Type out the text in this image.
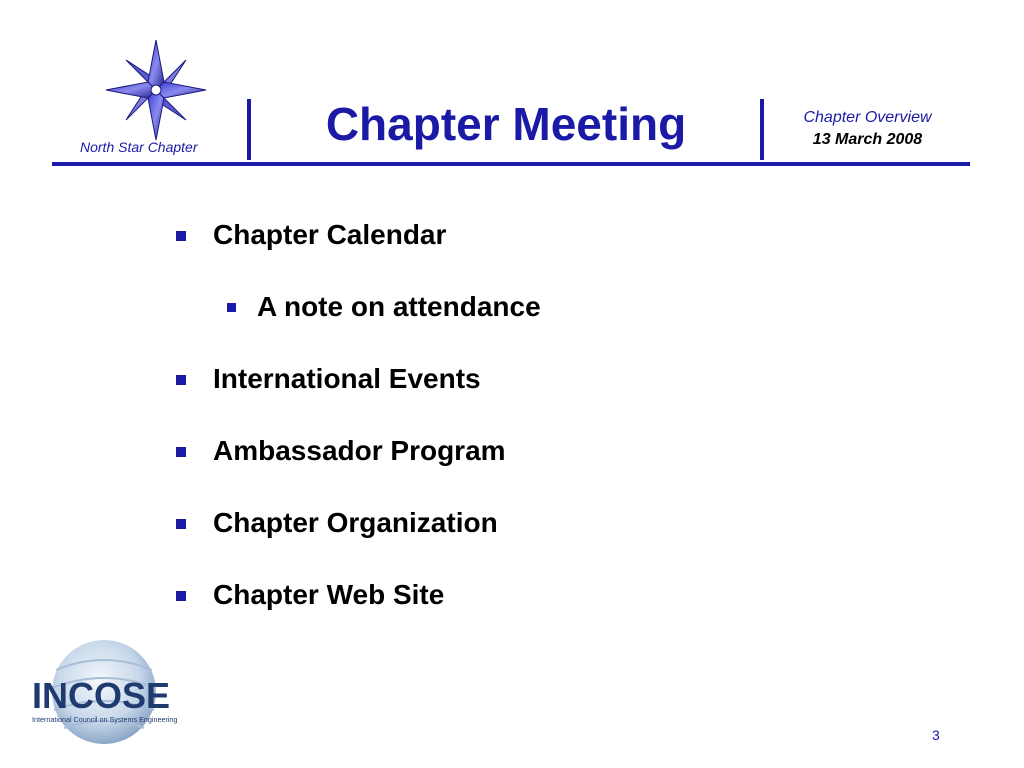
North Star Chapter	Chapter Meeting	Chapter Overview
13 March 2008
Chapter Calendar
A note on attendance
International Events
Ambassador Program
Chapter Organization
Chapter Web Site
INCOSE
International Council on Systems Engineering
3
